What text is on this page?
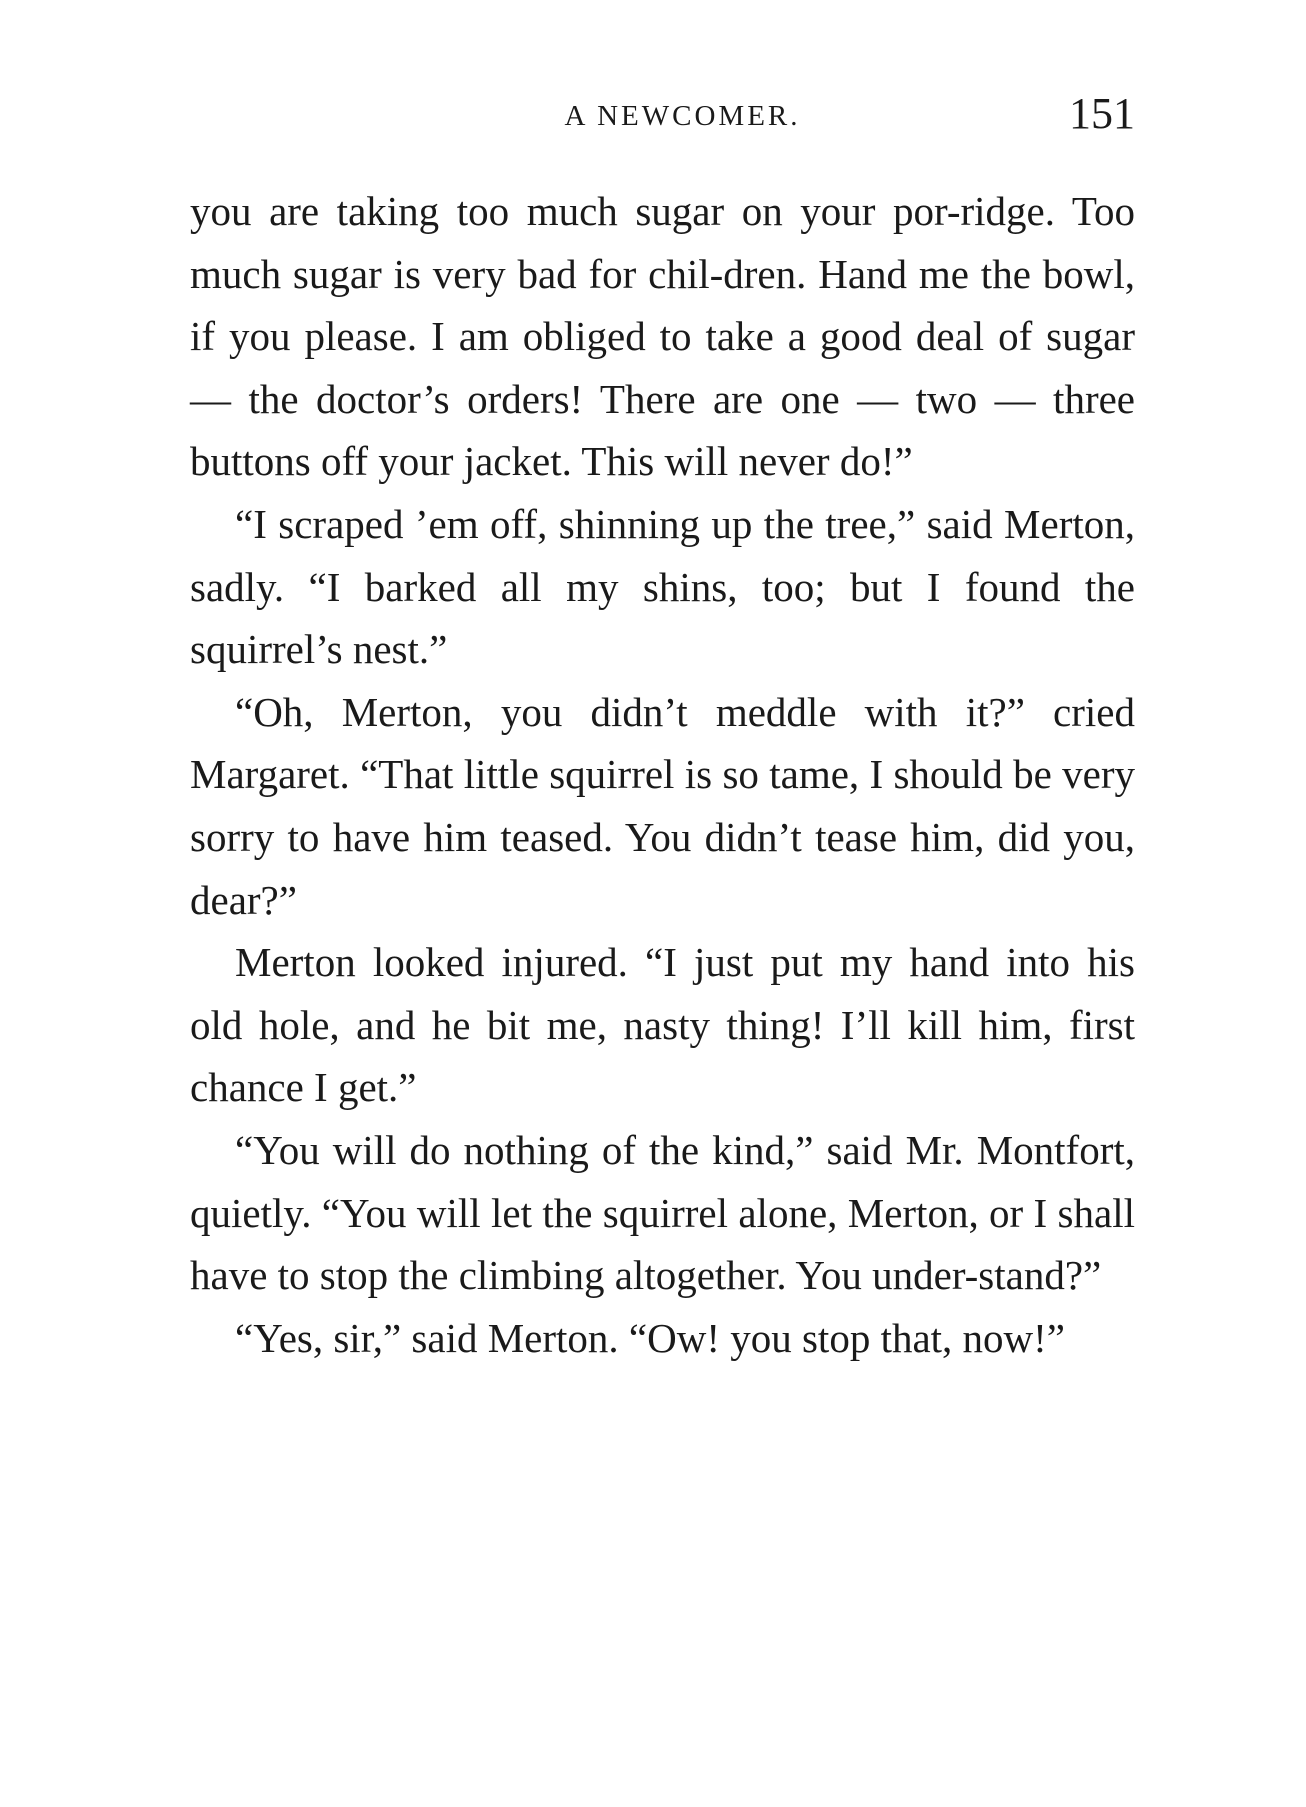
A NEWCOMER.	151

you are taking too much sugar on your por-ridge. Too much sugar is very bad for chil-dren. Hand me the bowl, if you please. I am obliged to take a good deal of sugar — the doctor’s orders! There are one — two — three buttons off your jacket. This will never do!”

“I scraped ’em off, shinning up the tree,” said Merton, sadly. “I barked all my shins, too; but I found the squirrel’s nest.”

“Oh, Merton, you didn’t meddle with it?” cried Margaret. “That little squirrel is so tame, I should be very sorry to have him teased. You didn’t tease him, did you, dear?”

Merton looked injured. “I just put my hand into his old hole, and he bit me, nasty thing! I’ll kill him, first chance I get.”

“You will do nothing of the kind,” said Mr. Montfort, quietly. “You will let the squirrel alone, Merton, or I shall have to stop the climbing altogether. You under-stand?”

“Yes, sir,” said Merton. “Ow! you stop that, now!”
